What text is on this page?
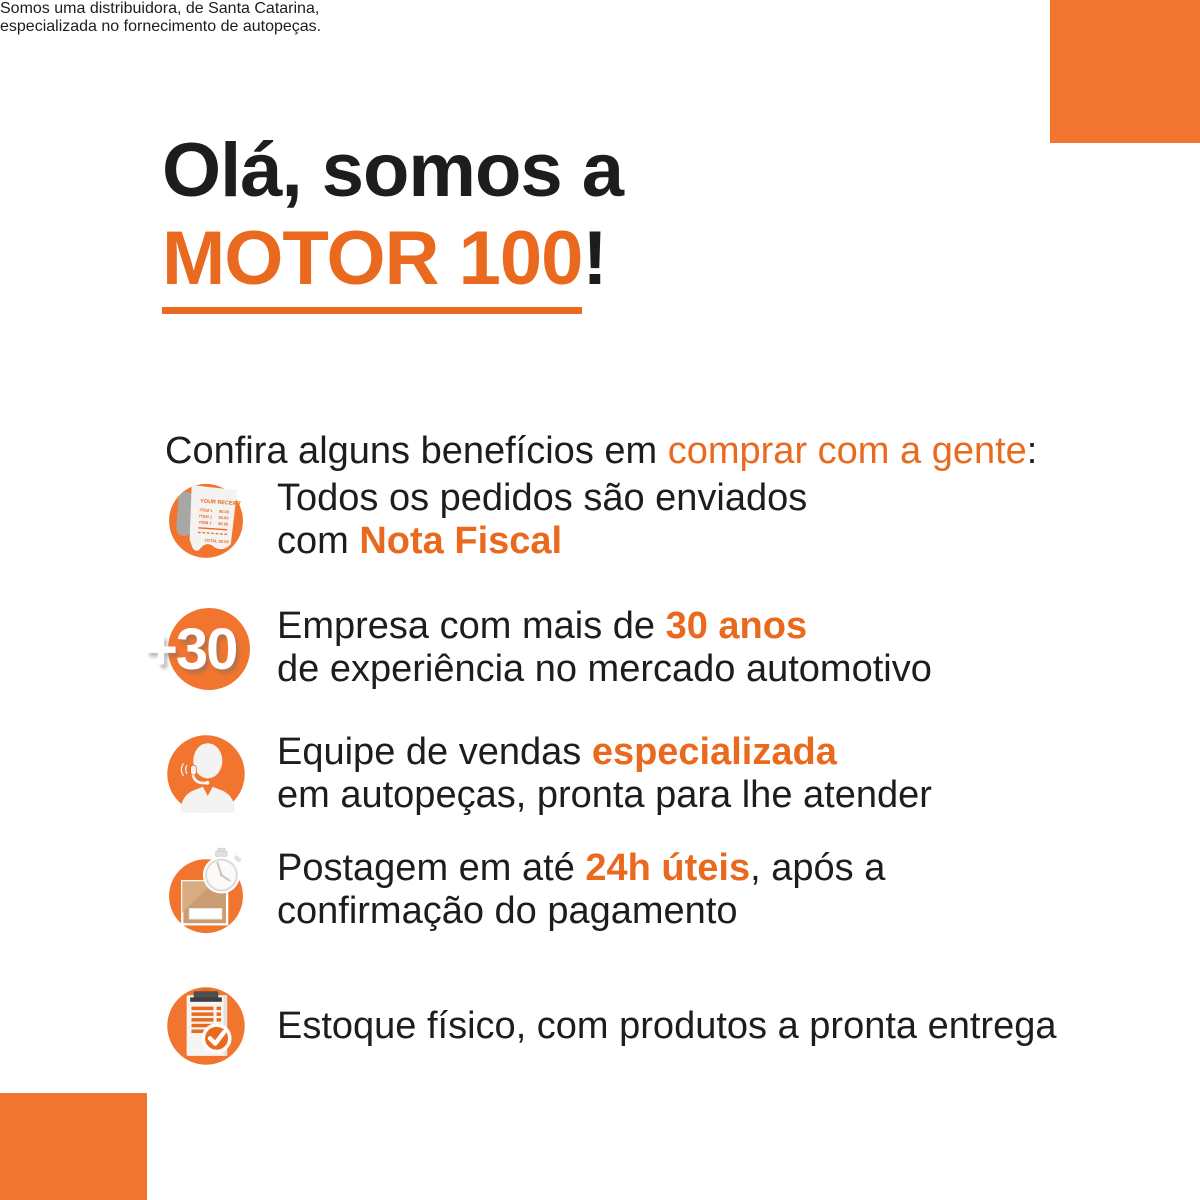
Olá, somos a
MOTOR 100!

Somos uma distribuidora, de Santa Catarina,
especializada no fornecimento de autopeças.

Confira alguns benefícios em comprar com a gente:

YOUR RECEIPT
ITEM 1 $0.00
ITEM 1 $0.00
ITEM 1 $0.00
TOTAL $0.00
Todos os pedidos são enviados
com Nota Fiscal
+30 Empresa com mais de 30 anos
de experiência no mercado automotivo
Equipe de vendas especializada
em autopeças, pronta para lhe atender
Postagem em até 24h úteis, após a
confirmação do pagamento
Estoque físico, com produtos a pronta entrega
